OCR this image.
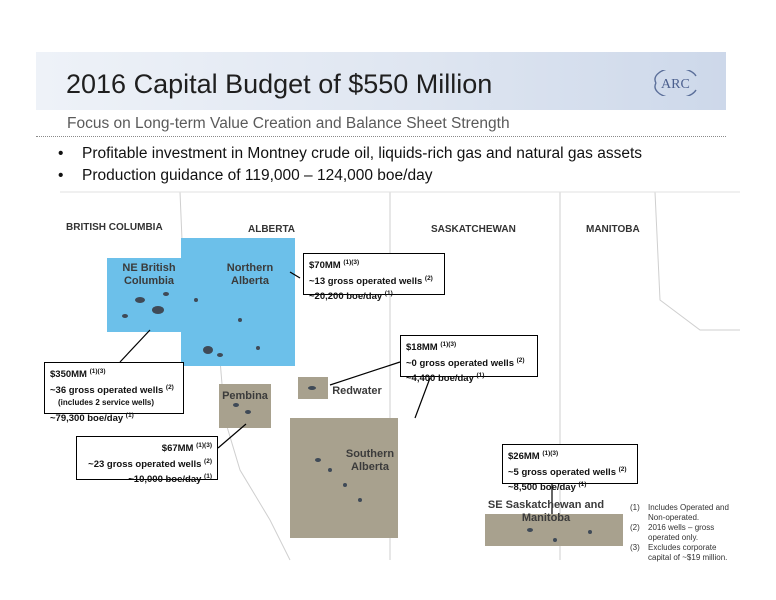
2016 Capital Budget of $550 Million	ARC
Focus on Long-term Value Creation and Balance Sheet Strength
• Profitable investment in Montney crude oil, liquids-rich gas and natural gas assets
• Production guidance of 119,000 – 124,000 boe/day
BRITISH COLUMBIA	ALBERTA	SASKATCHEWAN	MANITOBA
NE British Columbia
Northern Alberta
Pembina	Redwater
Southern Alberta
SE Saskatchewan and Manitoba
$70MM $^{(1)(3)}$
~13 gross operated wells $^{(2)}$
~20,200 boe/day $^{(1)}$
$18MM $^{(1)(3)}$
~0 gross operated wells $^{(2)}$
~4,400 boe/day $^{(1)}$
$350MM $^{(1)(3)}$
~36 gross operated wells $^{(2)}$
(includes 2 service wells)
~79,300 boe/day $^{(1)}$
$67MM $^{(1)(3)}$
~23 gross operated wells $^{(2)}$
~10,000 boe/day $^{(1)}$
$26MM $^{(1)(3)}$
~5 gross operated wells $^{(2)}$
~8,500 boe/day $^{(1)}$
(1) Includes Operated and Non-operated.
(2) 2016 wells – gross operated only.
(3) Excludes corporate capital of ~$19 million.
